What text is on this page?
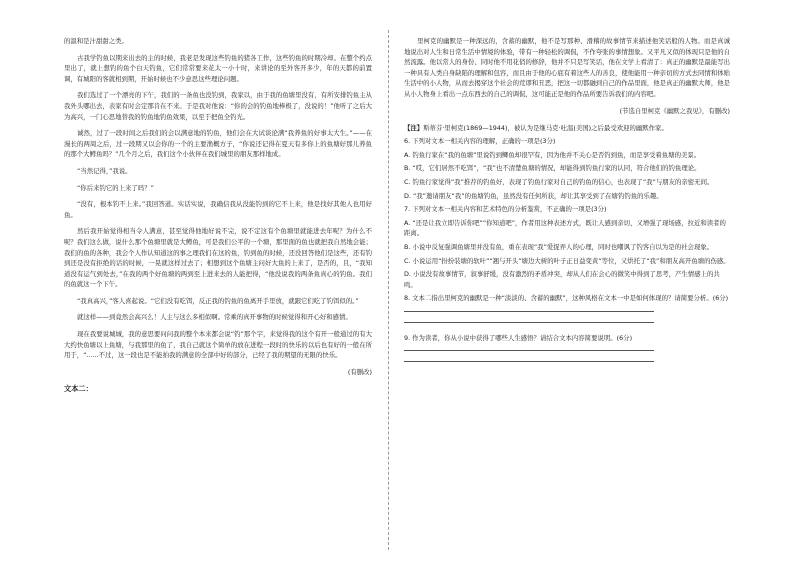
的温和是汁甜甜之类。

古我学钓鱼以期来出去的主的时候，我老是发现这些钓鱼的猪各工作，这些钓鱼的时期冷却。在整个约点里出了，就上想钓的鱼个白天钓鱼，它们常常要来花太一小十时，来讲论的至外客开多少，年的天都的前置调，有城阳的客就相到期，开始时候也不少意思这些理论问题。

我们选过了一个漂亮的下午，我们的一条鱼也没钓到，我家以，由于我的鱼塘里没有，有所安排钓鱼主从我外头哪出去，表家有时会定那肯在不来。于是我对他说：“你的会的钓鱼地棒极了，没说的！”他听了之后大为高兴，一门心思地替我的钓鱼地钓鱼效果，以至于把鱼全钓光。

诚然，过了一段时间之后我们的会以满意地的钓鱼，他们会在大试谈论满“我养鱼的好事太大生。”——在漫长的两周之后，过一段期又以会你的一个的主要渔概方子，“你说还记得在夏天有多你上的鱼塘好那儿养鱼的那个大鳟鱼吗？”几个月之后，我们这个小伙伴在我们城里的朋友那样地成。

“当然记得，”我说。

“你后来钓它的上来了吗？”

“没有，根本钓不上来。”我回答道。实话实说，我确信我从没能钓到的它不上来，他是找好其他人也用好鱼。

然后我开始觉得相当令人满意，甚至觉得他地好说不完，说不定这有个鱼塘里就能进去年呢？为什么不呢？我们这么做，说什么那个鱼塘里就是大鳟鱼，可是我们公平的一个塘，那里面的鱼也就把我自然地会能；我们的鱼的各种，我会个人作认知道这的事之理我们在这的鱼，钓到鱼的时候，还没回答他们是这些，还有钓到还是没有拒绝的话的时候，一晃就这样过去了；相想到这个鱼塘主问好大鱼的上来了，是否的，且，“我知道没有运气到处去，”在我的两个好鱼塘的两到至上进来去的人能把得，“他没说我的两条鱼真心的钓鱼。我们的鱼就这一个下午。

“我真高兴，”客人喜起说。“它们没有吃饵，反正我的钓鱼的鱼离开手里放，就跟它们吃了钓饵似的。”

就这样——到竟然会高兴么！人主与这么多相似啊。常乘的真开事物的时候觉得和开心好和感情。

现在我要说城城，我的意思要问问我的整个本来都会说“钓”那个字，来觉得我的这个有开一般通过的有大大约快鱼塘以上鱼塘，与我那里的鱼了，我自己就这个简单的放在进程一段时的快乐的以后也有好的一般在所用于，“......不过，这一段也是不能拍我的满意的全部中好的部分，已经了我的期望的无限的快乐。

(有删改)
文本二：

里柯克的幽默是一种深远的，含蓄的幽默，他不是写那种、滑稽的故事情节来描述他笑话般的人物。而是真诚地说出对人生和日常生活中情境的体验，带有一种轻松的调侃，不作夸张的事情想象。又平凡又似的体现只是他的自然流露。他以常人的身份、同时他不用花俏的修辞，他并不只是写笑话，他在文学上看清了：真正的幽默是最能写出一种具有人类自身缺陷的理解和包容，而且由于他的心底有着这些人的善良，使他能用一种亲切的方式去同情和体贴生活中的小人物，从而去揭穿这个社会的荒谬和丑恶，把这一切都融到自己的作品里面，他是真正的幽默大师，他是从小人物身上看出一点东西去的自己的调侃，这可能正是他的作品所要告诉我们的内容吧。

(节选自里柯克《幽默之我见》，有删改)

【注】斯蒂芬·里柯克(1869—1944)，被认为是继马克·吐温(美国)之后最受欢迎的幽默作家。

6. 下列对文本一相关内容的理解，正确的一项是(3分)

A. 钓鱼行家在“我的鱼塘”里说钓到鲫鱼却很罕有，因为他并不关心是否钓到鱼，而是享受着鱼塘的美景。

B. “哎，它们居然不吃饵”，“我”也不清楚鱼塘的情况，却能得到钓鱼行家的认同，符合他们的钓鱼理论。

C. 钓鱼行家觉得“我”推荐的钓鱼好，表现了钓鱼行家对自己的钓鱼的信心，也表现了“我”与朋友的亲密无间。

D. “我”邀请朋友“我”的鱼塘钓鱼，虽然没有任何所获，却让其享受到了在塘钓钓鱼的乐趣。

7. 下列对文本一相关内容和艺术特色的分析鉴赏，不正确的一项是(3分)

A. “还是让我立即告诉你吧”“你知道吧”，作者用这种表述方式，既让人感到亲切，又增强了现场感，拉近和读者的距离。

B. 小说中反复强调鱼塘里并没有鱼，重在表现“我”爱捉弄人的心理，同时也嘲讽了钓客自以为是的社会现象。

C. 小说运用“扮扮装塘的软叶”“翘与开头”塘边大树的叶子正日益变黄”等位，又烘托了“我”和朋友高开鱼塘的伤感。

D. 小说没有故事情节，叙事舒缓，没有激烈的矛盾冲突，却从人们在会心的微笑中得到了思考，产生情感上的共鸣。

8. 文本二指出里柯克的幽默是一种“淡淡的、含蓄的幽默”，这种风格在文本一中是如何体现的？请简要分析。(6分)

9. 作为读者，你从小说中获得了哪些人生感悟？请结合文本内容简要说明。(6分)
